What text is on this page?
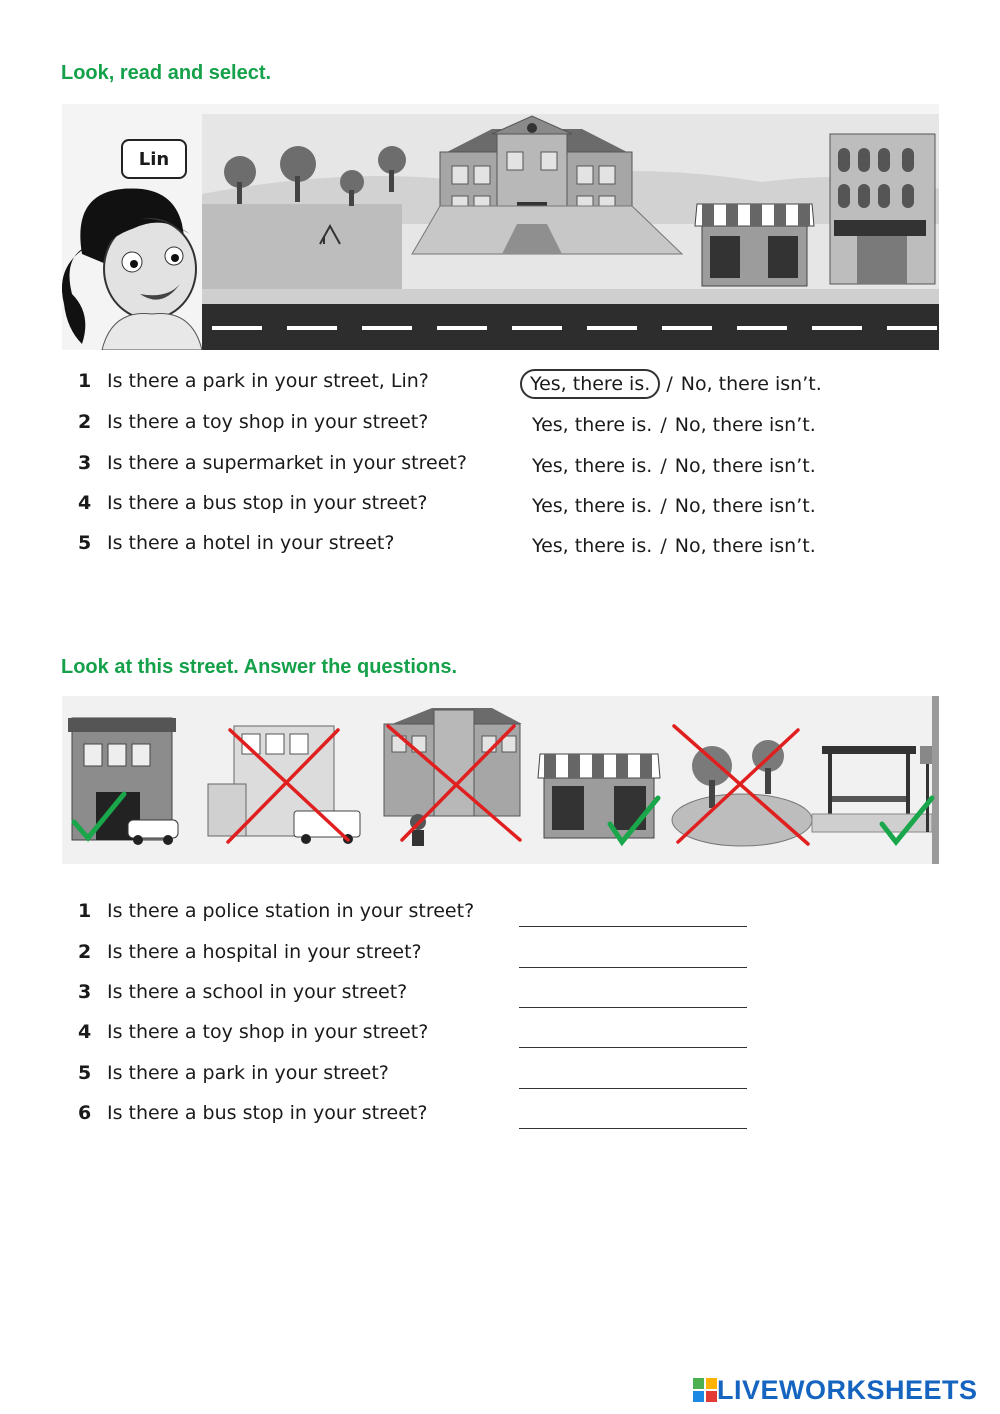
Look, read and select.
Lin
1 Is there a park in your street, Lin?	Yes, there is. / No, there isn’t.
2 Is there a toy shop in your street?	Yes, there is. / No, there isn’t.
3 Is there a supermarket in your street?	Yes, there is. / No, there isn’t.
4 Is there a bus stop in your street?	Yes, there is. / No, there isn’t.
5 Is there a hotel in your street?	Yes, there is. / No, there isn’t.
Look at this street. Answer the questions.
1 Is there a police station in your street?
2 Is there a hospital in your street?
3 Is there a school in your street?
4 Is there a toy shop in your street?
5 Is there a park in your street?
6 Is there a bus stop in your street?
LIVEWORKSHEETS
